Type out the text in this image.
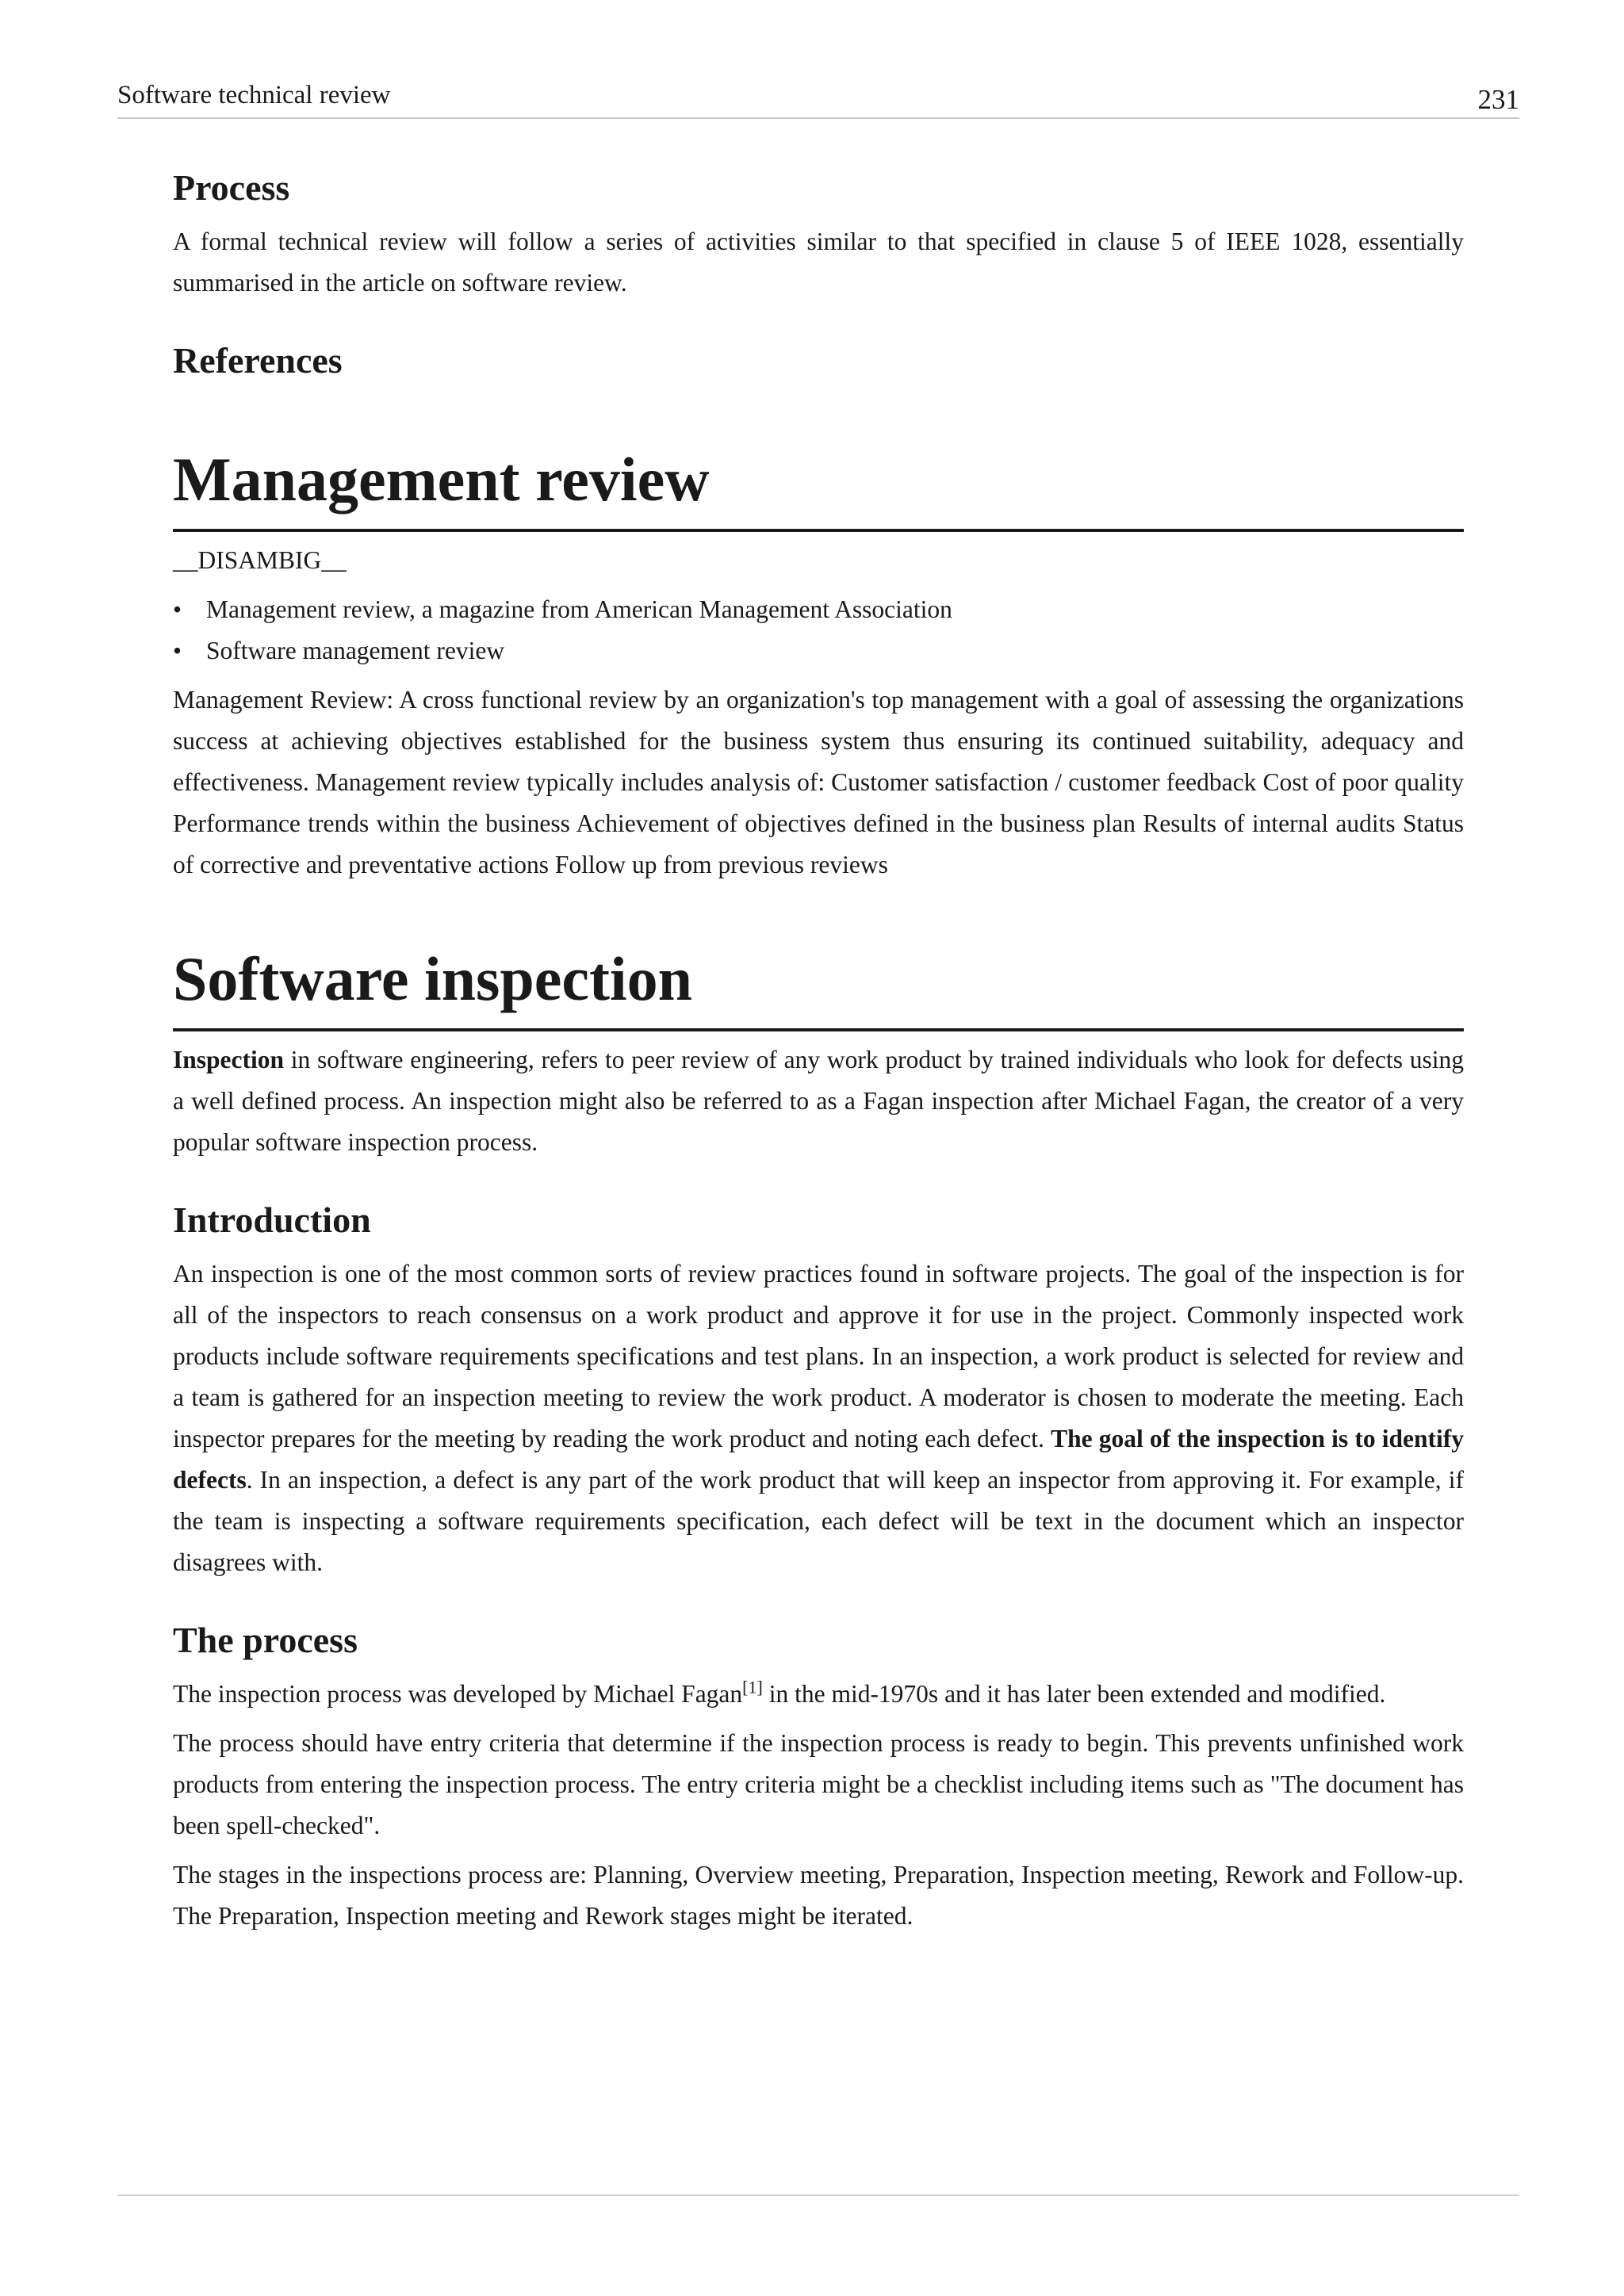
Software technical review	231
Process

A formal technical review will follow a series of activities similar to that specified in clause 5 of IEEE 1028, essentially summarised in the article on software review.

References
Management review

__DISAMBIG__

• Management review, a magazine from American Management Association
• Software management review

Management Review: A cross functional review by an organization's top management with a goal of assessing the organizations success at achieving objectives established for the business system thus ensuring its continued suitability, adequacy and effectiveness. Management review typically includes analysis of: Customer satisfaction / customer feedback Cost of poor quality Performance trends within the business Achievement of objectives defined in the business plan Results of internal audits Status of corrective and preventative actions Follow up from previous reviews

Software inspection

Inspection in software engineering, refers to peer review of any work product by trained individuals who look for defects using a well defined process. An inspection might also be referred to as a Fagan inspection after Michael Fagan, the creator of a very popular software inspection process.

Introduction

An inspection is one of the most common sorts of review practices found in software projects. The goal of the inspection is for all of the inspectors to reach consensus on a work product and approve it for use in the project. Commonly inspected work products include software requirements specifications and test plans. In an inspection, a work product is selected for review and a team is gathered for an inspection meeting to review the work product. A moderator is chosen to moderate the meeting. Each inspector prepares for the meeting by reading the work product and noting each defect. The goal of the inspection is to identify defects. In an inspection, a defect is any part of the work product that will keep an inspector from approving it. For example, if the team is inspecting a software requirements specification, each defect will be text in the document which an inspector disagrees with.

The process

The inspection process was developed by Michael Fagan[1] in the mid-1970s and it has later been extended and modified.

The process should have entry criteria that determine if the inspection process is ready to begin. This prevents unfinished work products from entering the inspection process. The entry criteria might be a checklist including items such as "The document has been spell-checked".

The stages in the inspections process are: Planning, Overview meeting, Preparation, Inspection meeting, Rework and Follow-up. The Preparation, Inspection meeting and Rework stages might be iterated.
